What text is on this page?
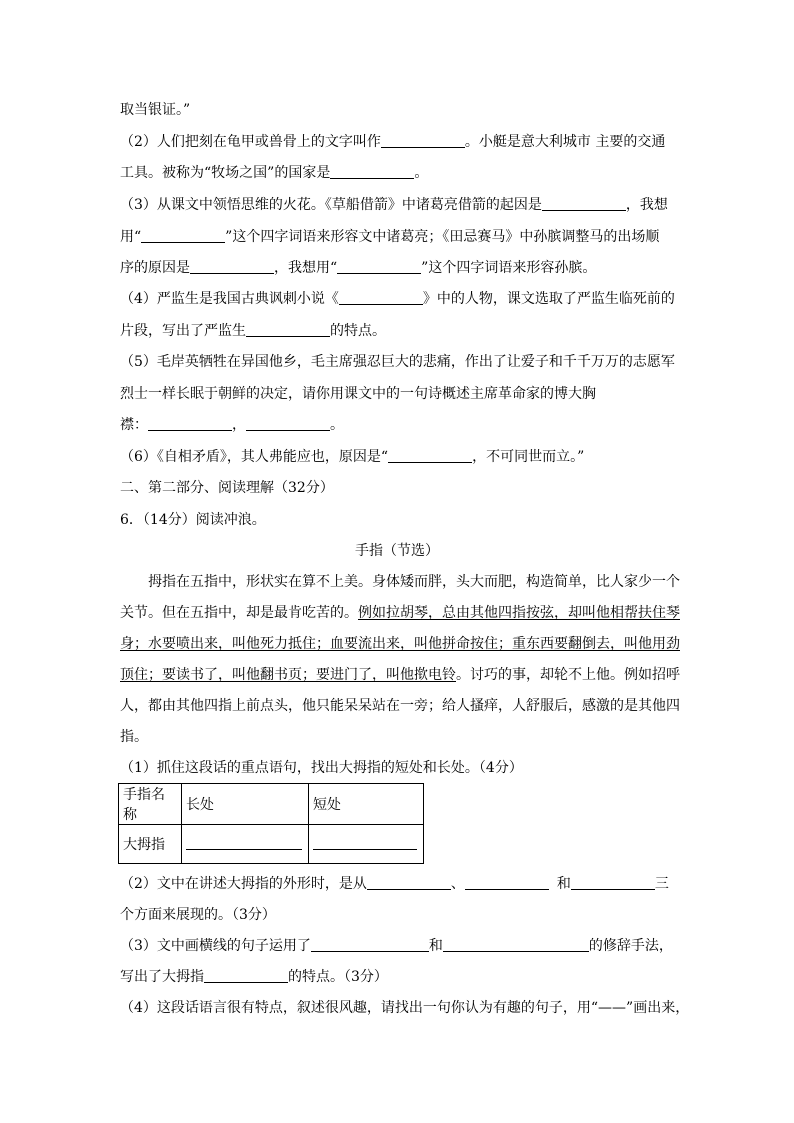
取当银证。”
（2）人们把刻在龟甲或兽骨上的文字叫作	。小艇是意大利城市 主要的交通
工具。被称为“牧场之国”的国家是	。
（3）从课文中领悟思维的火花。《草船借箭》中诸葛亮借箭的起因是	，我想
用“	”这个四字词语来形容文中诸葛亮；《田忌赛马》中孙膑调整马的出场顺
序的原因是	，我想用“	”这个四字词语来形容孙膑。
（4）严监生是我国古典讽刺小说《	》中的人物，课文选取了严监生临死前的
片段，写出了严监生	的特点。
（5）毛岸英牺牲在异国他乡，毛主席强忍巨大的悲痛，作出了让爱子和千千万万的志愿军
烈士一样长眠于朝鲜的决定，请你用课文中的一句诗概述主席革命家的博大胸
襟：	，	。
（6）《自相矛盾》，其人弗能应也，原因是“	，不可同世而立。”
二、第二部分、阅读理解（32分）
6．（14分）阅读冲浪。
手指（节选）
拇指在五指中，形状实在算不上美。身体矮而胖，头大而肥，构造简单，比人家少一个
关节。但在五指中，却是最肯吃苦的。例如拉胡琴，总由其他四指按弦，却叫他相帮扶住琴
身；水要喷出来，叫他死力抵住；血要流出来，叫他拼命按住；重东西要翻倒去，叫他用劲
顶住；要读书了，叫他翻书页；要进门了，叫他揿电铃。讨巧的事，却轮不上他。例如招呼
人，都由其他四指上前点头，他只能呆呆站在一旁；给人搔痒，人舒服后，感激的是其他四
指。
（1）抓住这段话的重点语句，找出大拇指的短处和长处。（4分）
手指名称	长处	短处
大拇指		
（2）文中在讲述大拇指的外形时，是从	、	和	三
个方面来展现的。（3分）
（3）文中画横线的句子运用了	和	的修辞手法，
写出了大拇指	的特点。（3分）
（4）这段话语言很有特点，叙述很风趣，请找出一句你认为有趣的句子，用“——”画出来，
